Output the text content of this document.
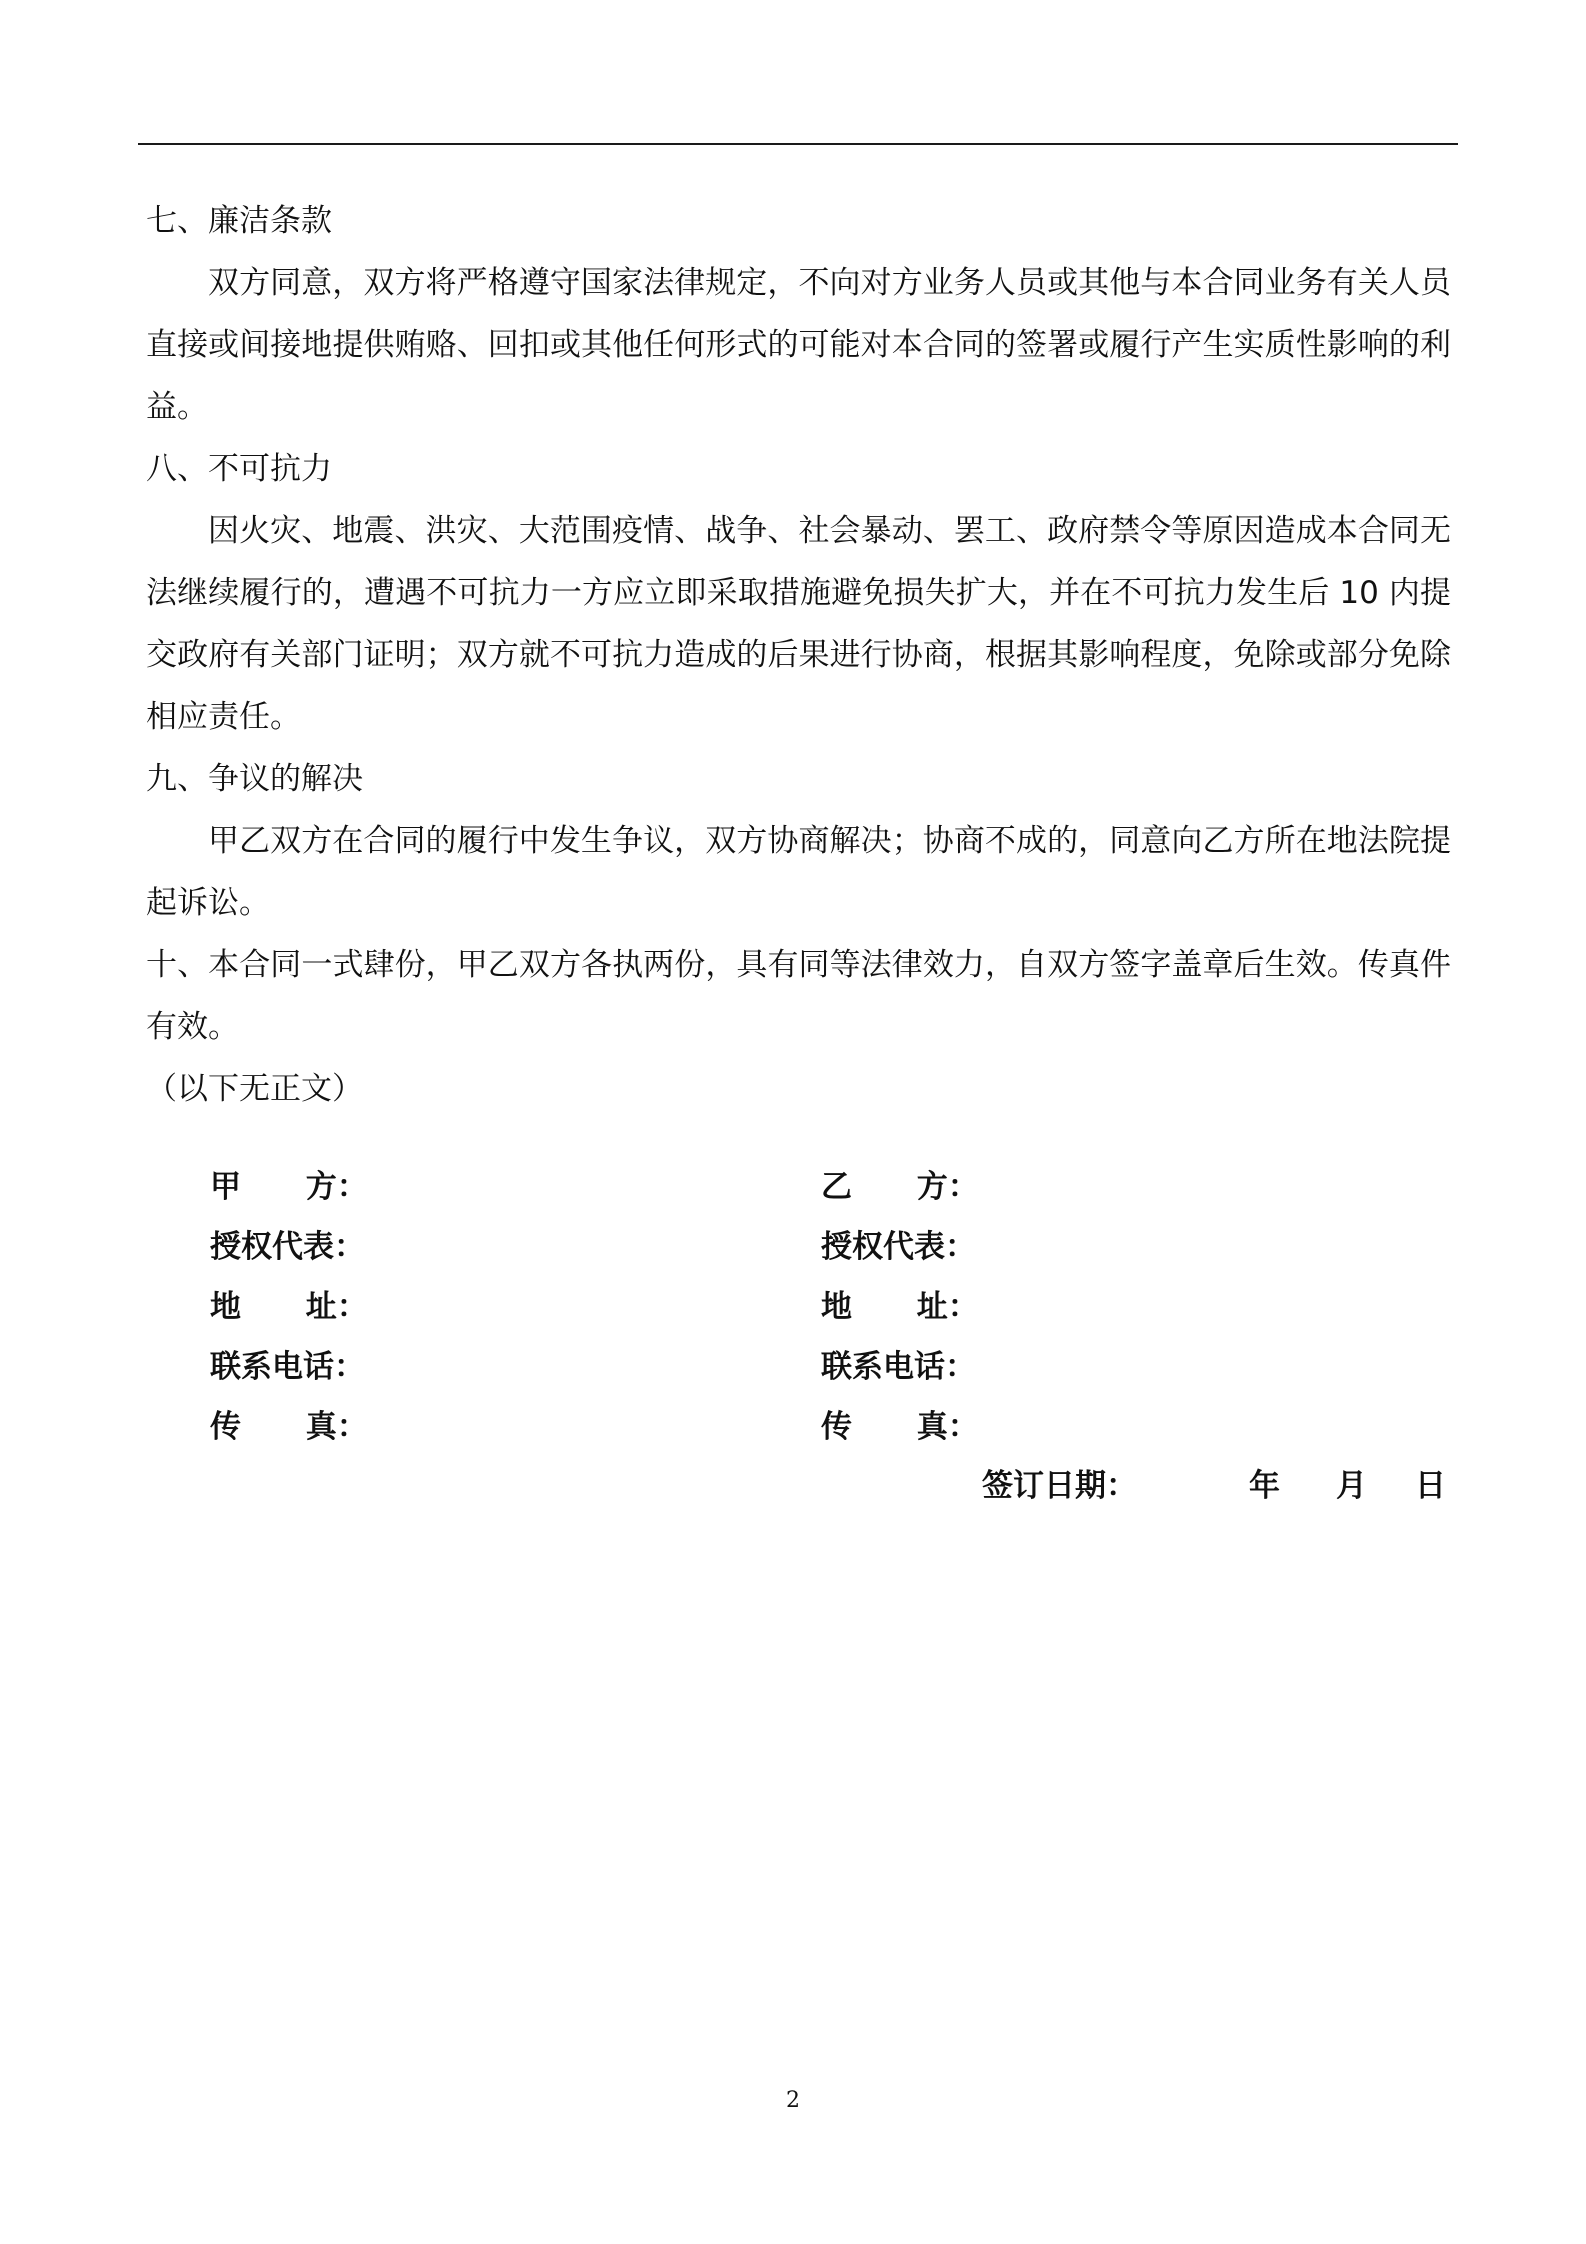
七、廉洁条款

双方同意，双方将严格遵守国家法律规定，不向对方业务人员或其他与本合同业务有关人员直接或间接地提供贿赂、回扣或其他任何形式的可能对本合同的签署或履行产生实质性影响的利益。

八、不可抗力

因火灾、地震、洪灾、大范围疫情、战争、社会暴动、罢工、政府禁令等原因造成本合同无法继续履行的，遭遇不可抗力一方应立即采取措施避免损失扩大，并在不可抗力发生后 10 内提交政府有关部门证明；双方就不可抗力造成的后果进行协商，根据其影响程度，免除或部分免除相应责任。

九、争议的解决

甲乙双方在合同的履行中发生争议，双方协商解决；协商不成的，同意向乙方所在地法院提起诉讼。

十、本合同一式肆份，甲乙双方各执两份，具有同等法律效力，自双方签字盖章后生效。传真件有效。

（以下无正文）

甲      方：	乙      方：
授权代表：	授权代表：
地      址：	地      址：
联系电话：	联系电话：
传      真：	传      真：
签订日期：	年 月 日
2
